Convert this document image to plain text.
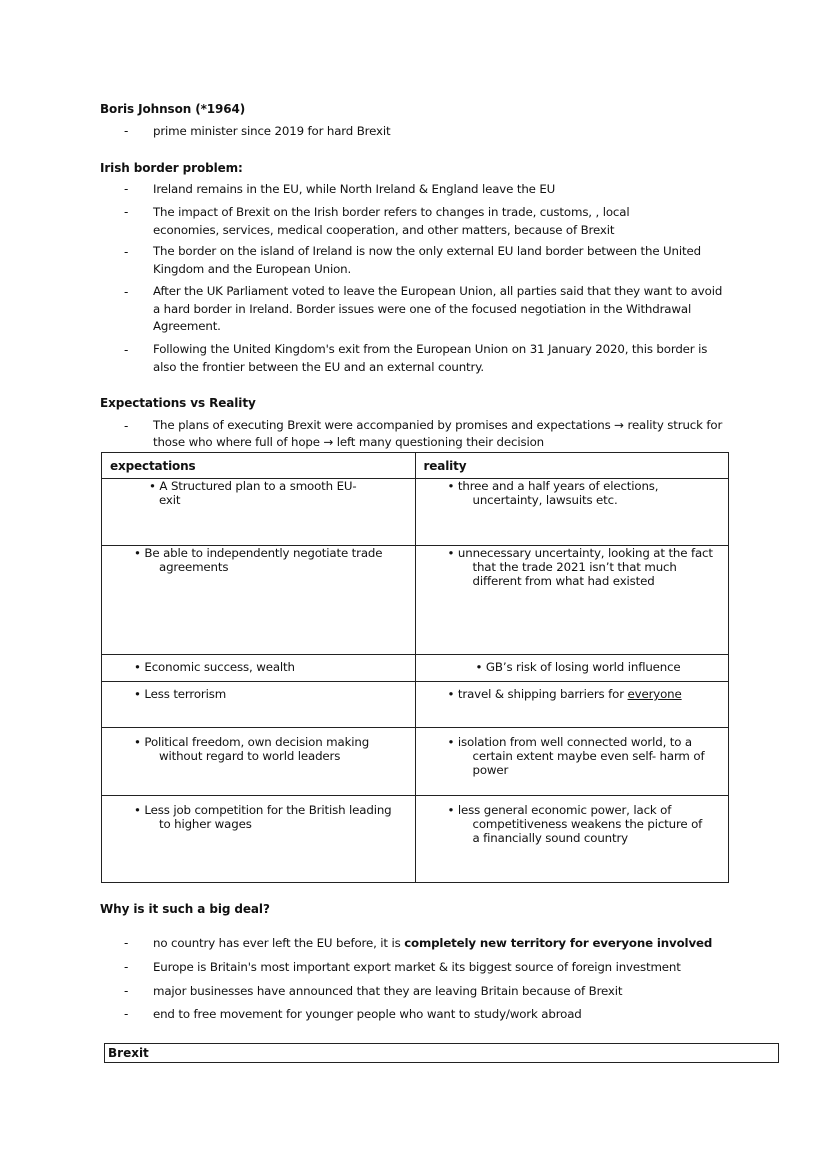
Boris Johnson (*1964)
- prime minister since 2019 for hard Brexit
Irish border problem:
- Ireland remains in the EU, while North Ireland & England leave the EU
- The impact of Brexit on the Irish border refers to changes in trade, customs, , local economies, services, medical cooperation, and other matters, because of Brexit
- The border on the island of Ireland is now the only external EU land border between the United Kingdom and the European Union.
- After the UK Parliament voted to leave the European Union, all parties said that they want to avoid a hard border in Ireland. Border issues were one of the focused negotiation in the Withdrawal Agreement.
- Following the United Kingdom's exit from the European Union on 31 January 2020, this border is also the frontier between the EU and an external country.
Expectations vs Reality
- The plans of executing Brexit were accompanied by promises and expectations → reality struck for those who where full of hope → left many questioning their decision
expectations	reality

• A Structured plan to a smooth EU-exit	• three and a half years of elections, uncertainty, lawsuits etc.

• Be able to independently negotiate trade agreements	• unnecessary uncertainty, looking at the fact that the trade 2021 isn’t that much different from what had existed

• Economic success, wealth	• GB’s risk of losing world influence

• Less terrorism	• travel & shipping barriers for everyone

• Political freedom, own decision making without regard to world leaders	• isolation from well connected world, to a certain extent maybe even self- harm of power

• Less job competition for the British leading to higher wages	• less general economic power, lack of competitiveness weakens the picture of a financially sound country
Why is it such a big deal?
- no country has ever left the EU before, it is completely new territory for everyone involved
- Europe is Britain's most important export market & its biggest source of foreign investment
- major businesses have announced that they are leaving Britain because of Brexit
- end to free movement for younger people who want to study/work abroad
Brexit
